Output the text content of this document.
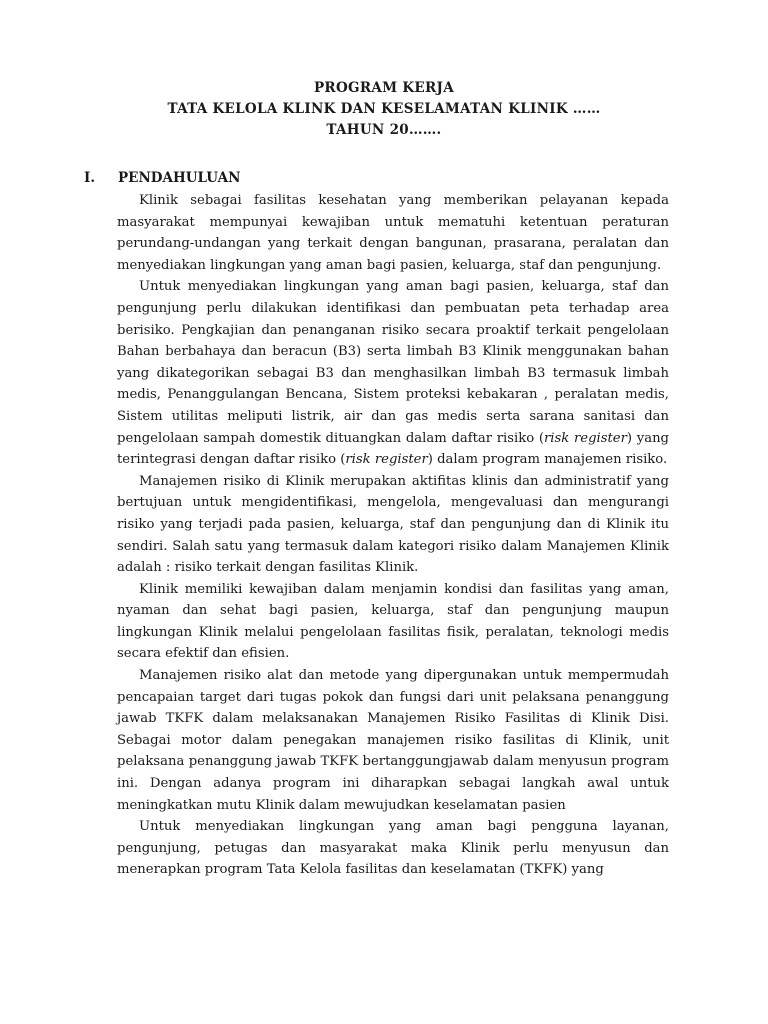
PROGRAM KERJA
TATA KELOLA KLINK DAN KESELAMATAN KLINIK ……
TAHUN 20…….
I. PENDAHULUAN

Klinik sebagai fasilitas kesehatan yang memberikan pelayanan kepada masyarakat mempunyai kewajiban untuk mematuhi ketentuan peraturan perundang-undangan yang terkait dengan bangunan, prasarana, peralatan dan menyediakan lingkungan yang aman bagi pasien, keluarga, staf dan pengunjung.

Untuk menyediakan lingkungan yang aman bagi pasien, keluarga, staf dan pengunjung perlu dilakukan identifikasi dan pembuatan peta terhadap area berisiko. Pengkajian dan penanganan risiko secara proaktif terkait pengelolaan Bahan berbahaya dan beracun (B3) serta limbah B3 Klinik menggunakan bahan yang dikategorikan sebagai B3 dan menghasilkan limbah B3 termasuk limbah medis, Penanggulangan Bencana, Sistem proteksi kebakaran , peralatan medis, Sistem utilitas meliputi listrik, air dan gas medis serta sarana sanitasi dan pengelolaan sampah domestik dituangkan dalam daftar risiko (risk register) yang terintegrasi dengan daftar risiko (risk register) dalam program manajemen risiko.

Manajemen risiko di Klinik merupakan aktifitas klinis dan administratif yang bertujuan untuk mengidentifikasi, mengelola, mengevaluasi dan mengurangi risiko yang terjadi pada pasien, keluarga, staf dan pengunjung dan di Klinik itu sendiri. Salah satu yang termasuk dalam kategori risiko dalam Manajemen Klinik adalah : risiko terkait dengan fasilitas Klinik.

Klinik memiliki kewajiban dalam menjamin kondisi dan fasilitas yang aman, nyaman dan sehat bagi pasien, keluarga, staf dan pengunjung maupun lingkungan Klinik melalui pengelolaan fasilitas fisik, peralatan, teknologi medis secara efektif dan efisien.

Manajemen risiko alat dan metode yang dipergunakan untuk mempermudah pencapaian target dari tugas pokok dan fungsi dari unit pelaksana penanggung jawab TKFK dalam melaksanakan Manajemen Risiko Fasilitas di Klinik Disi. Sebagai motor dalam penegakan manajemen risiko fasilitas di Klinik, unit pelaksana penanggung jawab TKFK bertanggungjawab dalam menyusun program ini. Dengan adanya program ini diharapkan sebagai langkah awal untuk meningkatkan mutu Klinik dalam mewujudkan keselamatan pasien

Untuk menyediakan lingkungan yang aman bagi pengguna layanan, pengunjung, petugas dan masyarakat maka Klinik perlu menyusun dan menerapkan program Tata Kelola fasilitas dan keselamatan (TKFK) yang
